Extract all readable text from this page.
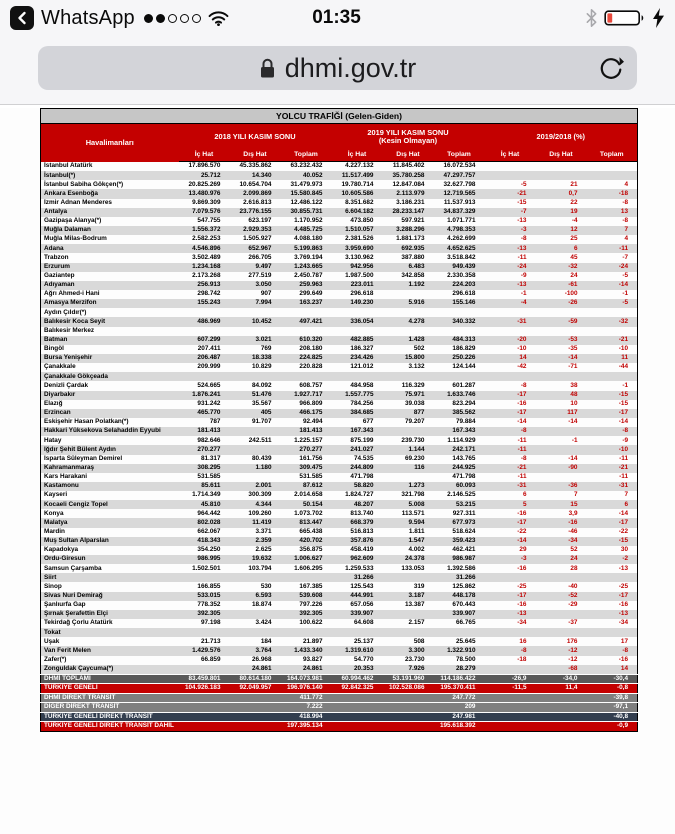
WhatsApp	01:35
dhmi.gov.tr
YOLCU TRAFİĞİ (Gelen-Giden)									
Havalimanları	2018 YILI KASIM SONU			2019 YILI KASIM SONU
(Kesin Olmayan)			2019/2018 (%)		

	İç Hat	Dış Hat	Toplam	İç Hat	Dış Hat	Toplam	İç Hat	Dış Hat	Toplam
İstanbul Atatürk	17.896.570	45.335.862	63.232.432	4.227.132	11.845.402	16.072.534			
İstanbul(*)	25.712	14.340	40.052	11.517.499	35.780.258	47.297.757			
İstanbul Sabiha Gökçen(*)	20.825.269	10.654.704	31.479.973	19.780.714	12.847.084	32.627.798	-5	21	4
Ankara Esenboğa	13.480.976	2.099.869	15.580.845	10.605.586	2.113.979	12.719.565	-21	0,7	-18
İzmir Adnan Menderes	9.869.309	2.616.813	12.486.122	8.351.682	3.186.231	11.537.913	-15	22	-8
Antalya	7.079.576	23.776.155	30.855.731	6.604.182	28.233.147	34.837.329	-7	19	13
Gazipaşa Alanya(*)	547.755	623.197	1.170.952	473.850	597.921	1.071.771	-13	-4	-8
Muğla Dalaman	1.556.372	2.929.353	4.485.725	1.510.057	3.288.296	4.798.353	-3	12	7
Muğla Milas-Bodrum	2.582.253	1.505.927	4.088.180	2.381.526	1.881.173	4.262.699	-8	25	4
Adana	4.546.896	652.967	5.199.863	3.959.690	692.935	4.652.625	-13	6	-11
Trabzon	3.502.489	266.705	3.769.194	3.130.962	387.880	3.518.842	-11	45	-7
Erzurum	1.234.168	9.497	1.243.665	942.956	6.483	949.439	-24	-32	-24
Gaziantep	2.173.268	277.519	2.450.787	1.987.500	342.858	2.330.358	-9	24	-5
Adıyaman	256.913	3.050	259.963	223.011	1.192	224.203	-13	-61	-14
Ağrı Ahmed-i Hani	298.742	907	299.649	296.618		296.618	-1	-100	-1
Amasya Merzifon	155.243	7.994	163.237	149.230	5.916	155.146	-4	-26	-5
Aydın Çıldır(*)									
Balıkesir Koca Seyit	486.969	10.452	497.421	336.054	4.278	340.332	-31	-59	-32
Balıkesir Merkez									
Batman	607.299	3.021	610.320	482.885	1.428	484.313	-20	-53	-21
Bingöl	207.411	769	208.180	186.327	502	186.829	-10	-35	-10
Bursa Yenişehir	206.487	18.338	224.825	234.426	15.800	250.226	14	-14	11
Çanakkale	209.999	10.829	220.828	121.012	3.132	124.144	-42	-71	-44
Çanakkale Gökçeada									
Denizli Çardak	524.665	84.092	608.757	484.958	116.329	601.287	-8	38	-1
Diyarbakır	1.876.241	51.476	1.927.717	1.557.775	75.971	1.633.746	-17	48	-15
Elazığ	931.242	35.567	966.809	784.256	39.038	823.294	-16	10	-15
Erzincan	465.770	405	466.175	384.685	877	385.562	-17	117	-17
Eskişehir Hasan Polatkan(*)	787	91.707	92.494	677	79.207	79.884	-14	-14	-14
Hakkari Yüksekova Selahaddin Eyyubi	181.413		181.413	167.343		167.343	-8		-8
Hatay	982.646	242.511	1.225.157	875.199	239.730	1.114.929	-11	-1	-9
Iğdır Şehit Bülent Aydın	270.277		270.277	241.027	1.144	242.171	-11		-10
Isparta Süleyman Demirel	81.317	80.439	161.756	74.535	69.230	143.765	-8	-14	-11
Kahramanmaraş	308.295	1.180	309.475	244.809	116	244.925	-21	-90	-21
Kars Harakani	531.585		531.585	471.798		471.798	-11		-11
Kastamonu	85.611	2.001	87.612	58.820	1.273	60.093	-31	-36	-31
Kayseri	1.714.349	300.309	2.014.658	1.824.727	321.798	2.146.525	6	7	7
Kocaeli Cengiz Topel	45.810	4.344	50.154	48.207	5.008	53.215	5	15	6
Konya	964.442	109.260	1.073.702	813.740	113.571	927.311	-16	3,9	-14
Malatya	802.028	11.419	813.447	668.379	9.594	677.973	-17	-16	-17
Mardin	662.067	3.371	665.438	516.813	1.811	518.624	-22	-46	-22
Muş Sultan Alparslan	418.343	2.359	420.702	357.876	1.547	359.423	-14	-34	-15
Kapadokya	354.250	2.625	356.875	458.419	4.002	462.421	29	52	30
Ordu-Giresun	986.995	19.632	1.006.627	962.609	24.378	986.987	-3	24	-2
Samsun Çarşamba	1.502.501	103.794	1.606.295	1.259.533	133.053	1.392.586	-16	28	-13
Siirt				31.266		31.266			
Sinop	166.855	530	167.385	125.543	319	125.862	-25	-40	-25
Sivas Nuri Demirağ	533.015	6.593	539.608	444.991	3.187	448.178	-17	-52	-17
Şanlıurfa Gap	778.352	18.874	797.226	657.056	13.387	670.443	-16	-29	-16
Şırnak Şerafettin Elçi	392.305		392.305	339.907		339.907	-13		-13
Tekirdağ Çorlu Atatürk	97.198	3.424	100.622	64.608	2.157	66.765	-34	-37	-34
Tokat									
Uşak	21.713	184	21.897	25.137	508	25.645	16	176	17
Van Ferit Melen	1.429.576	3.764	1.433.340	1.319.610	3.300	1.322.910	-8	-12	-8
Zafer(*)	66.859	26.968	93.827	54.770	23.730	78.500	-18	-12	-16
Zonguldak Çaycuma(*)		24.861	24.861	20.353	7.926	28.279		-68	14
DHMİ TOPLAMI	83.459.801	80.614.180	164.073.981	60.994.462	53.191.960	114.186.422	-26,9	-34,0	-30,4
TÜRKİYE GENELİ	104.926.183	92.049.957	196.976.140	92.842.325	102.528.086	195.370.411	-11,5	11,4	-0,8
DHMİ DİREKT TRANSİT			411.772			247.772			-39,8
DİĞER DİREKT TRANSİT			7.222			209			-97,1
TÜRKİYE GENELİ DİREKT TRANSİT			418.994			247.981			-40,8
TÜRKİYE GENELİ DİREKT TRANSİT DAHİL			197.395.134			195.618.392			-0,9
